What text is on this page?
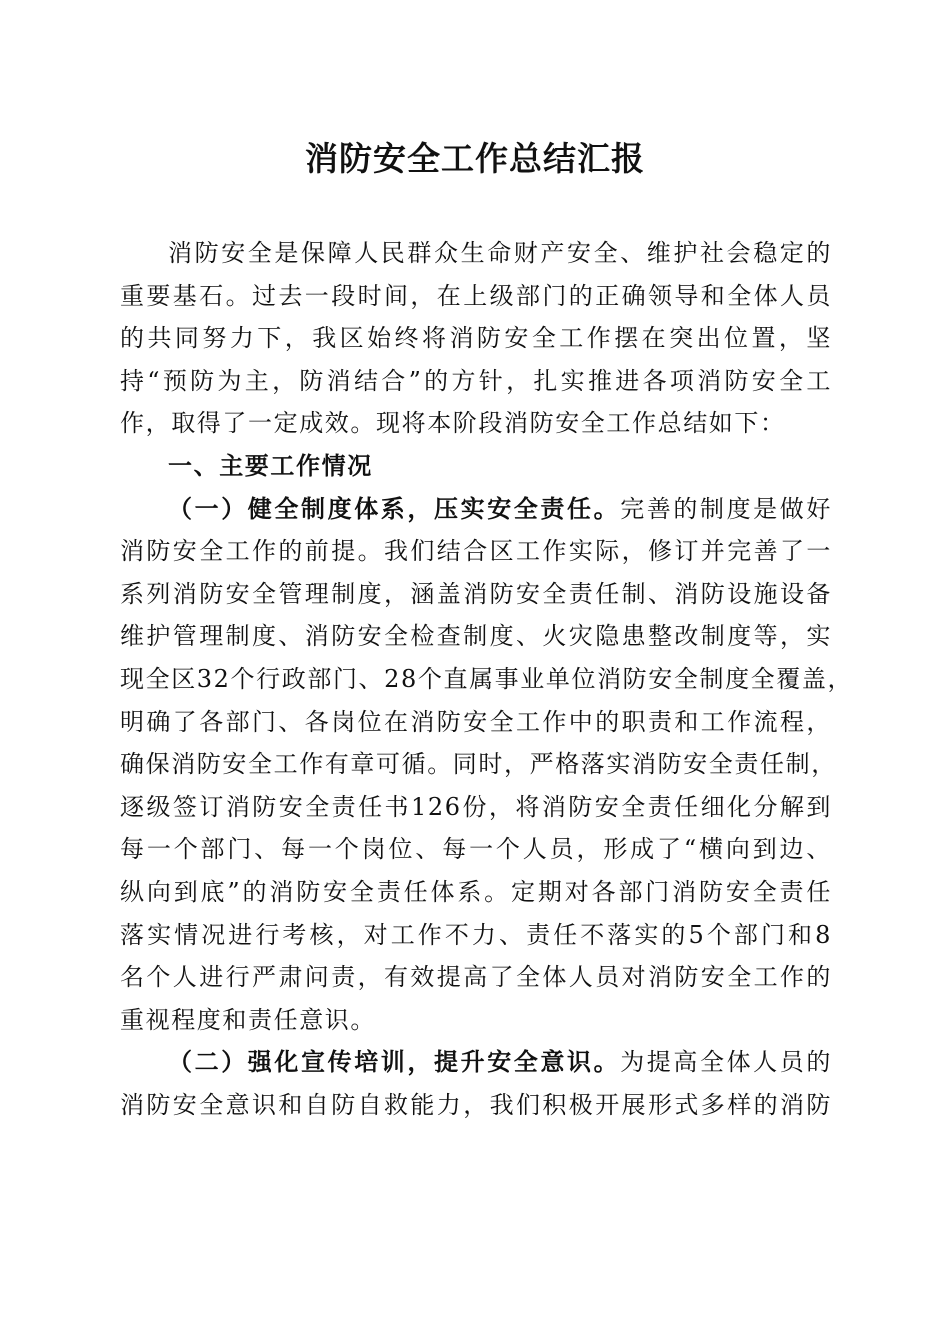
消防安全工作总结汇报
消防安全是保障人民群众生命财产安全、维护社会稳定的
重要基石。过去一段时间，在上级部门的正确领导和全体人员
的共同努力下，我区始终将消防安全工作摆在突出位置，坚
持“预防为主，防消结合”的方针，扎实推进各项消防安全工
作，取得了一定成效。现将本阶段消防安全工作总结如下：
一、主要工作情况
（一）健全制度体系，压实安全责任。完善的制度是做好
消防安全工作的前提。我们结合区工作实际，修订并完善了一
系列消防安全管理制度，涵盖消防安全责任制、消防设施设备
维护管理制度、消防安全检查制度、火灾隐患整改制度等，实
现全区32个行政部门、28个直属事业单位消防安全制度全覆盖，
明确了各部门、各岗位在消防安全工作中的职责和工作流程，
确保消防安全工作有章可循。同时，严格落实消防安全责任制，
逐级签订消防安全责任书126份，将消防安全责任细化分解到
每一个部门、每一个岗位、每一个人员，形成了“横向到边、
纵向到底”的消防安全责任体系。定期对各部门消防安全责任
落实情况进行考核，对工作不力、责任不落实的5个部门和8
名个人进行严肃问责，有效提高了全体人员对消防安全工作的
重视程度和责任意识。
（二）强化宣传培训，提升安全意识。为提高全体人员的
消防安全意识和自防自救能力，我们积极开展形式多样的消防
